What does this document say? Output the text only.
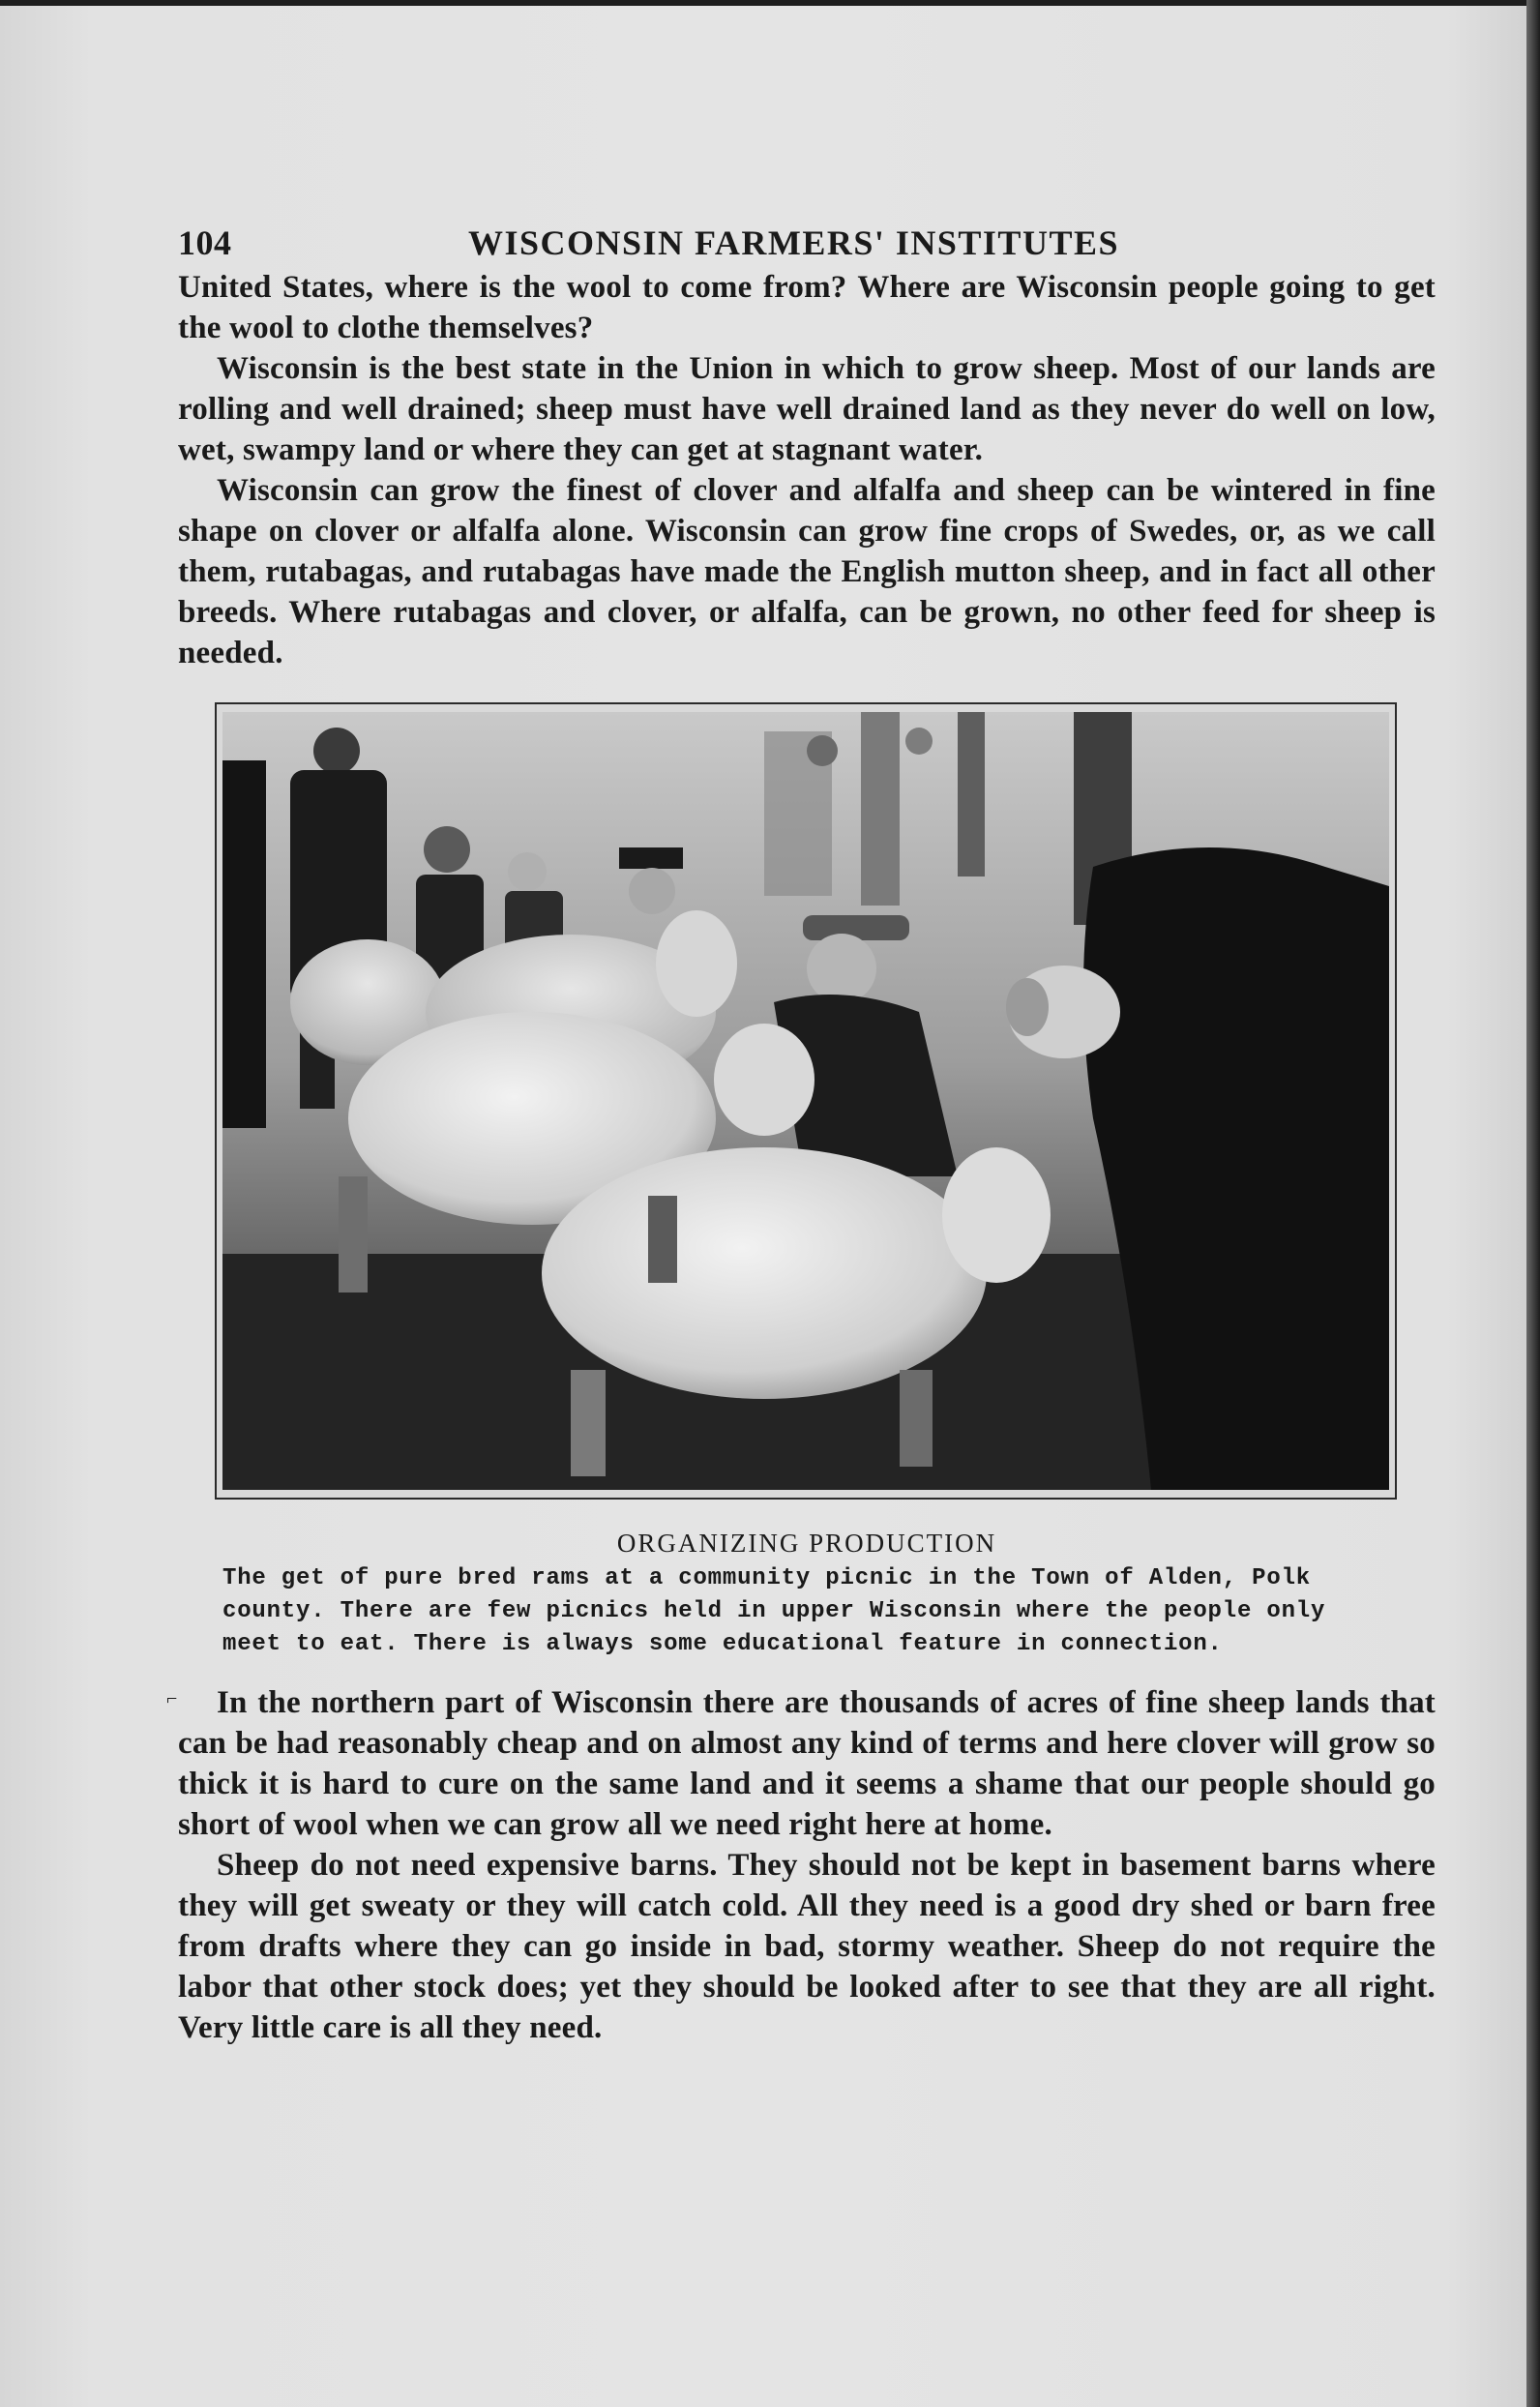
104	WISCONSIN FARMERS' INSTITUTES

United States, where is the wool to come from? Where are Wisconsin people going to get the wool to clothe themselves?

Wisconsin is the best state in the Union in which to grow sheep. Most of our lands are rolling and well drained; sheep must have well drained land as they never do well on low, wet, swampy land or where they can get at stagnant water.

Wisconsin can grow the finest of clover and alfalfa and sheep can be wintered in fine shape on clover or alfalfa alone. Wisconsin can grow fine crops of Swedes, or, as we call them, rutabagas, and rutabagas have made the English mutton sheep, and in fact all other breeds. Where rutabagas and clover, or alfalfa, can be grown, no other feed for sheep is needed.

ORGANIZING PRODUCTION
The get of pure bred rams at a community picnic in the Town of Alden, Polk county. There are few picnics held in upper Wisconsin where the people only meet to eat. There is always some educational feature in connection.
⌐	In the northern part of Wisconsin there are thousands of acres of fine sheep lands that can be had reasonably cheap and on almost any kind of terms and here clover will grow so thick it is hard to cure on the same land and it seems a shame that our people should go short of wool when we can grow all we need right here at home.

Sheep do not need expensive barns. They should not be kept in basement barns where they will get sweaty or they will catch cold. All they need is a good dry shed or barn free from drafts where they can go inside in bad, stormy weather. Sheep do not require the labor that other stock does; yet they should be looked after to see that they are all right. Very little care is all they need.
